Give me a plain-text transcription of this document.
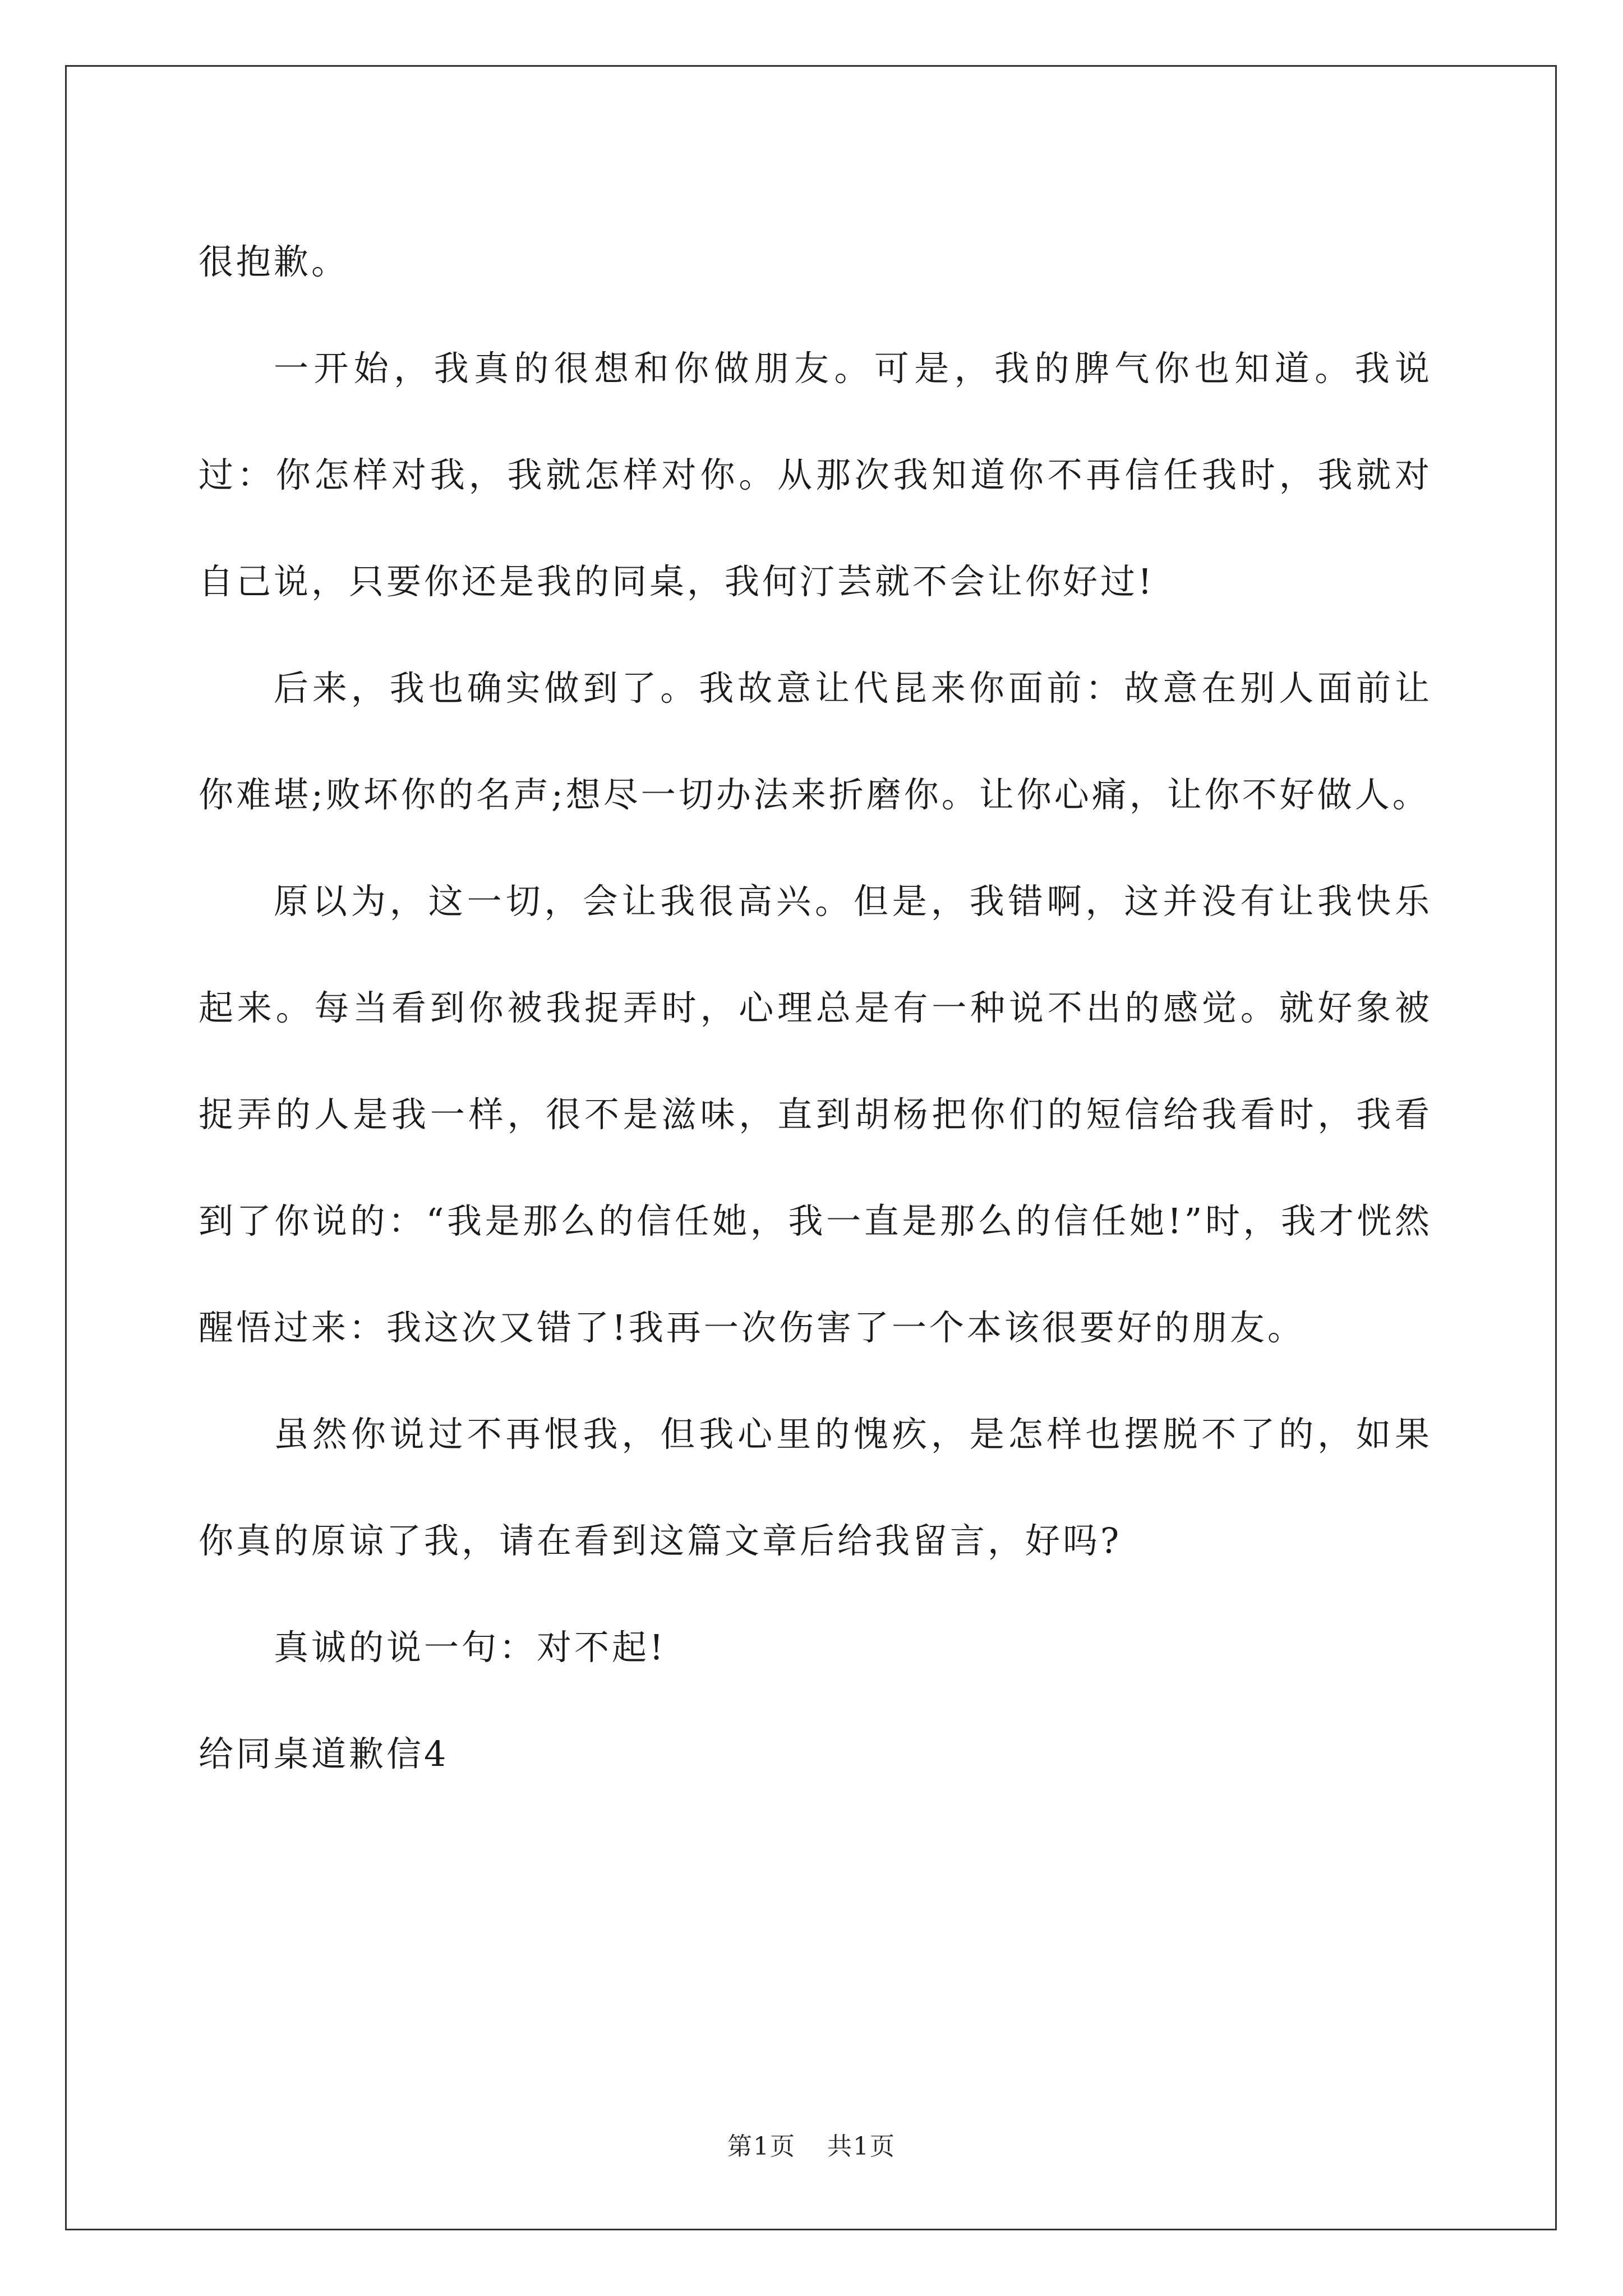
很抱歉。

一开始，我真的很想和你做朋友。可是，我的脾气你也知道。我说过：你怎样对我，我就怎样对你。从那次我知道你不再信任我时，我就对自己说，只要你还是我的同桌，我何汀芸就不会让你好过!

后来，我也确实做到了。我故意让代昆来你面前：故意在别人面前让你难堪;败坏你的名声;想尽一切办法来折磨你。让你心痛，让你不好做人。

原以为，这一切，会让我很高兴。但是，我错啊，这并没有让我快乐起来。每当看到你被我捉弄时，心理总是有一种说不出的感觉。就好象被捉弄的人是我一样，很不是滋味，直到胡杨把你们的短信给我看时，我看到了你说的：“我是那么的信任她，我一直是那么的信任她!”时，我才恍然醒悟过来：我这次又错了!我再一次伤害了一个本该很要好的朋友。

虽然你说过不再恨我，但我心里的愧疚，是怎样也摆脱不了的，如果你真的原谅了我，请在看到这篇文章后给我留言，好吗?

真诚的说一句：对不起!

给同桌道歉信4

第1页 共1页
